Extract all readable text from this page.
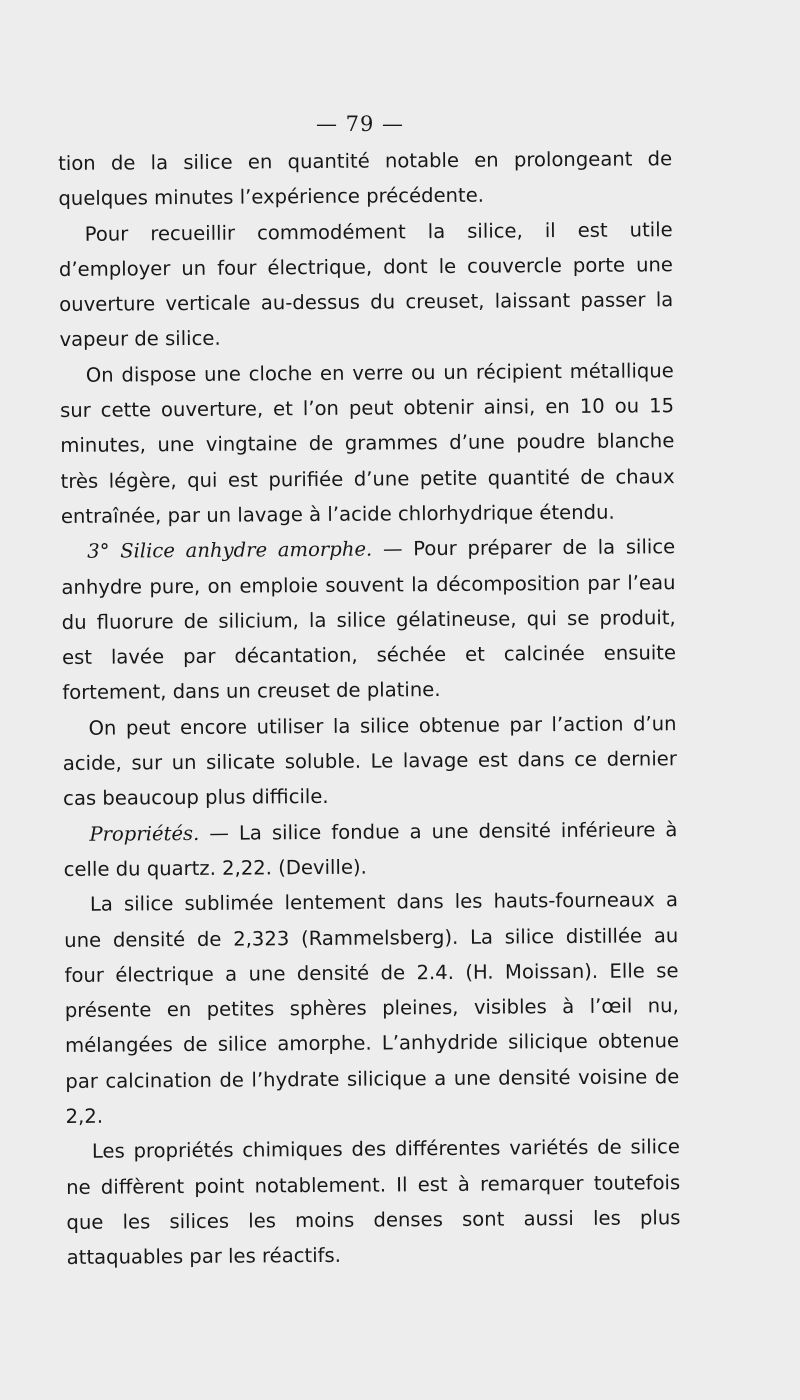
— 79 —

tion de la silice en quantité notable en prolongeant de quelques minutes l’expérience précédente.

Pour recueillir commodément la silice, il est utile d’employer un four électrique, dont le couvercle porte une ouverture verticale au-dessus du creuset, laissant passer la vapeur de silice.

On dispose une cloche en verre ou un récipient métallique sur cette ouverture, et l’on peut obtenir ainsi, en 10 ou 15 minutes, une vingtaine de grammes d’une poudre blanche très légère, qui est purifiée d’une petite quantité de chaux entraînée, par un lavage à l’acide chlorhydrique étendu.

3° Silice anhydre amorphe. — Pour préparer de la silice anhydre pure, on emploie souvent la décomposition par l’eau du fluorure de silicium, la silice gélatineuse, qui se produit, est lavée par décantation, séchée et calcinée ensuite fortement, dans un creuset de platine.

On peut encore utiliser la silice obtenue par l’action d’un acide, sur un silicate soluble. Le lavage est dans ce dernier cas beaucoup plus difficile.

Propriétés. — La silice fondue a une densité inférieure à celle du quartz. 2,22. (Deville).

La silice sublimée lentement dans les hauts-fourneaux a une densité de 2,323 (Rammelsberg). La silice distillée au four électrique a une densité de 2.4. (H. Moissan). Elle se présente en petites sphères pleines, visibles à l’œil nu, mélangées de silice amorphe. L’anhydride silicique obtenue par calcination de l’hydrate silicique a une densité voisine de 2,2.

Les propriétés chimiques des différentes variétés de silice ne diffèrent point notablement. Il est à remarquer toutefois que les silices les moins denses sont aussi les plus attaquables par les réactifs.
